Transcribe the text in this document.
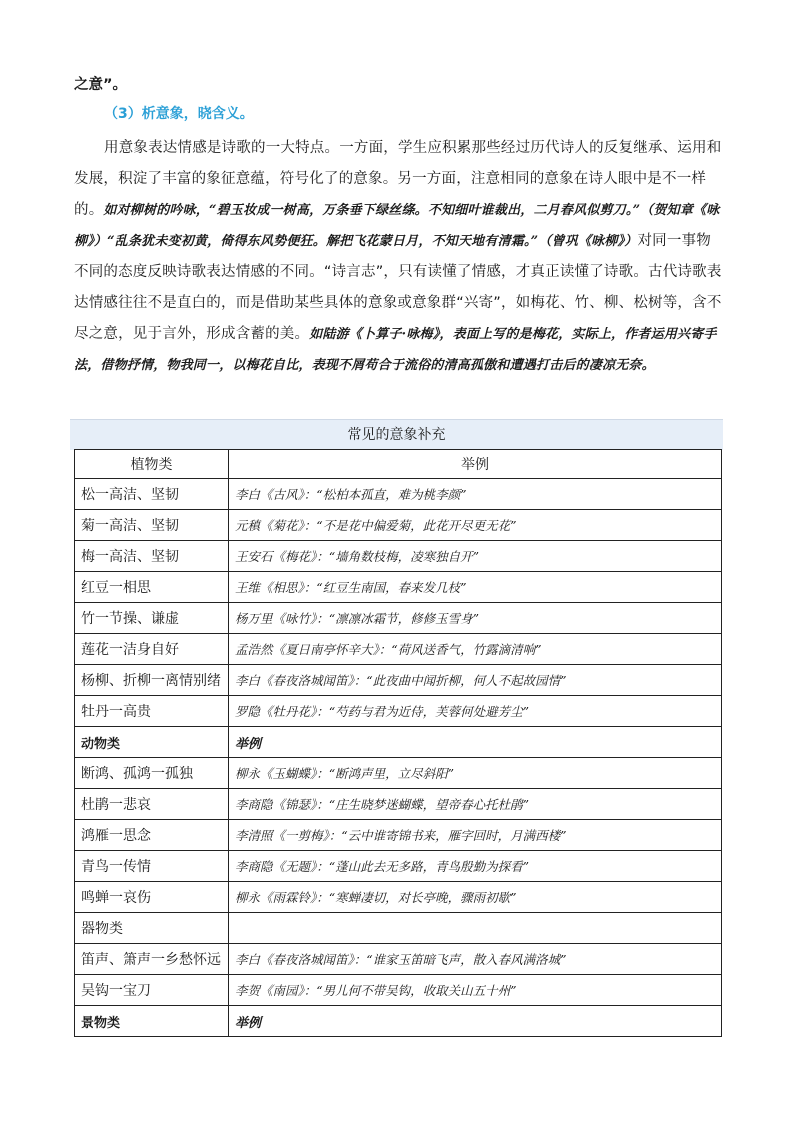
之意”。
（3）析意象，晓含义。
用意象表达情感是诗歌的一大特点。一方面，学生应积累那些经过历代诗人的反复继承、运用和发展，积淀了丰富的象征意蕴，符号化了的意象。另一方面，注意相同的意象在诗人眼中是不一样的。如对柳树的吟咏，“碧玉妆成一树高，万条垂下绿丝绦。不知细叶谁裁出，二月春风似剪刀。”（贺知章《咏柳》）“乱条犹未变初黄，倚得东风势便狂。解把飞花蒙日月，不知天地有清霜。”（曾巩《咏柳》）对同一事物不同的态度反映诗歌表达情感的不同。“诗言志”，只有读懂了情感，才真正读懂了诗歌。古代诗歌表达情感往往不是直白的，而是借助某些具体的意象或意象群“兴寄”，如梅花、竹、柳、松树等，含不尽之意，见于言外，形成含蓄的美。如陆游《卜算子·咏梅》，表面上写的是梅花，实际上，作者运用兴寄手法，借物抒情，物我同一，以梅花自比，表现不屑苟合于流俗的清高孤傲和遭遇打击后的凄凉无奈。
常见的意象补充
植物类	举例
松一高洁、坚韧	李白《古风》：“松柏本孤直，难为桃李颜”
菊一高洁、坚韧	元稹《菊花》：“不是花中偏爱菊，此花开尽更无花”
梅一高洁、坚韧	王安石《梅花》：“墙角数枝梅，凌寒独自开”
红豆一相思	王维《相思》：“红豆生南国，春来发几枝”
竹一节操、谦虚	杨万里《咏竹》：“凛凛冰霜节，修修玉雪身”
莲花一洁身自好	孟浩然《夏日南亭怀辛大》：“荷风送香气，竹露滴清响”
杨柳、折柳一离情别绪	李白《春夜洛城闻笛》：“此夜曲中闻折柳，何人不起故园情”
牡丹一高贵	罗隐《牡丹花》：“芍药与君为近侍，芙蓉何处避芳尘”
动物类	举例
断鸿、孤鸿一孤独	柳永《玉蝴蝶》：“断鸿声里，立尽斜阳”
杜鹃一悲哀	李商隐《锦瑟》：“庄生晓梦迷蝴蝶，望帝春心托杜鹃”
鸿雁一思念	李清照《一剪梅》：“云中谁寄锦书来，雁字回时，月满西楼”
青鸟一传情	李商隐《无题》：“蓬山此去无多路，青鸟殷勤为探看”
鸣蝉一哀伤	柳永《雨霖铃》：“寒蝉凄切，对长亭晚，骤雨初歇”
器物类	
笛声、箫声一乡愁怀远	李白《春夜洛城闻笛》：“谁家玉笛暗飞声，散入春风满洛城”
吴钩一宝刀	李贺《南园》：“男儿何不带吴钩，收取关山五十州”
景物类	举例
